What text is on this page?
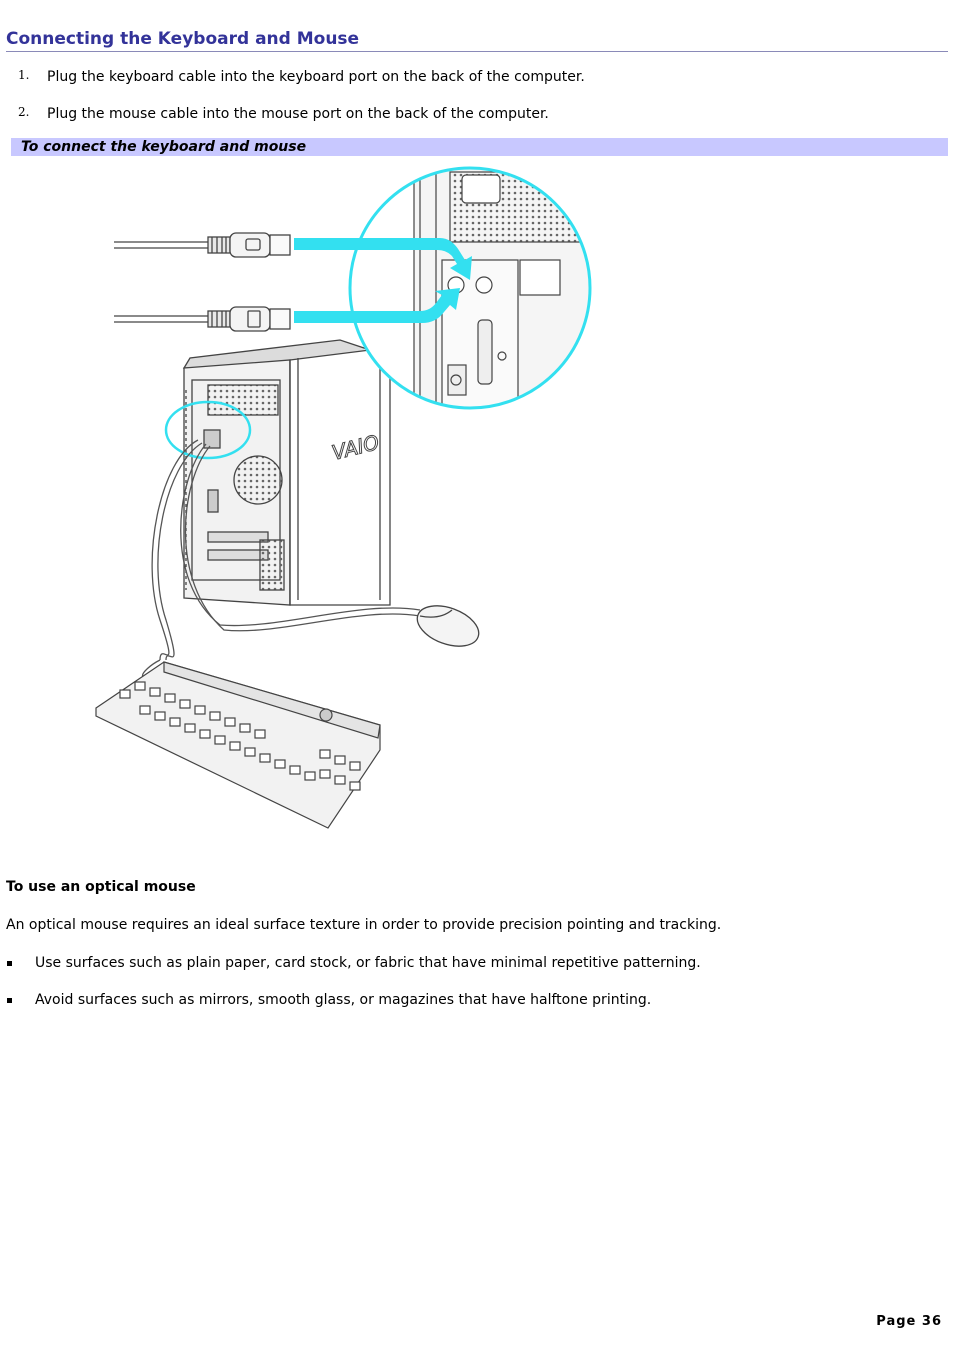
Connecting the Keyboard and Mouse
1. Plug the keyboard cable into the keyboard port on the back of the computer.
2. Plug the mouse cable into the mouse port on the back of the computer.
To connect the keyboard and mouse
VAIO
To use an optical mouse
An optical mouse requires an ideal surface texture in order to provide precision pointing and tracking.
Use surfaces such as plain paper, card stock, or fabric that have minimal repetitive patterning.
Avoid surfaces such as mirrors, smooth glass, or magazines that have halftone printing.
Page 36
